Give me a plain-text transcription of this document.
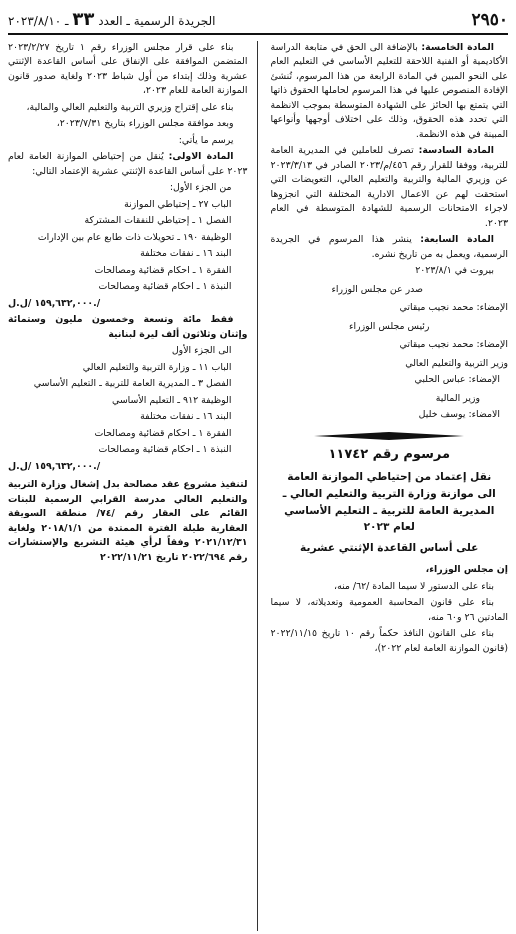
٢٩٥٠
الجريدة الرسمية ـ العدد ٣٣ ـ ٢٠٢٣/٨/١٠

المادة الخامسة: بالإضافة الى الحق في متابعة الدراسة الأكاديمية أو الفنية اللاحقة للتعليم الأساسي في التعليم العام على النحو المبين في المادة الرابعة من هذا المرسوم، تُنشئ الإفادة المنصوص عليها في هذا المرسوم لحاملها الحقوق ذاتها التي يتمتع بها الحائز على الشهادة المتوسطة بموجب الانظمة التي تحدد هذه الحقوق، وذلك على اختلاف أوجهها وأنواعها المبينة في هذه الانظمة.

المادة السادسة: تصرف للعاملين في المديرية العامة للتربية، ووفقا للقرار رقم ٤٥٦/م/٢٠٢٣ الصادر في ٢٠٢٣/٣/١٣ عن وزيري المالية والتربية والتعليم العالي، التعويضات التي استحقت لهم عن الاعمال الادارية المختلفة التي انجزوها لاجراء الامتحانات الرسمية للشهادة المتوسطة في العام ٢٠٢٣.

المادة السابعة: ينشر هذا المرسوم في الجريدة الرسمية، ويعمل به من تاريخ نشره.

بيروت في ٢٠٢٣/٨/١

صدر عن مجلس الوزراء

الإمضاء: محمد نجيب ميقاتي

رئيس مجلس الوزراء

الإمضاء: محمد نجيب ميقاتي

وزير التربية والتعليم العالي

الإمضاء: عباس الحلبي

وزير المالية

الامضاء: يوسف خليل

مرسوم رقم ١١٧٤٢

نقل إعتماد من إحتياطي الموازنة العامة
الى موازنة وزارة التربية والتعليم العالي ـ
المديرية العامة للتربية ـ التعليم الأساسي
لعام ٢٠٢٣
على أساس القاعدة الإثنتي عشرية

إن مجلس الوزراء،

بناء على الدستور لا سيما المادة /٦٢/ منه،

بناء على قانون المحاسبة العمومية وتعديلاته، لا سيما المادتين ٢٦ و٦٠ منه،

بناء على القانون النافذ حكماً رقم ١٠ تاريخ ٢٠٢٢/١١/١٥ (قانون الموازنة العامة لعام ٢٠٢٢)،

بناء على قرار مجلس الوزراء رقم ١ تاريخ ٢٠٢٣/٢/٢٧ المتضمن الموافقة على الإنفاق على أساس القاعدة الإثنتي عشرية وذلك إبتداء من أول شباط ٢٠٢٣ ولغاية صدور قانون الموازنة العامة للعام ٢٠٢٣،

بناء على إقتراح وزيري التربية والتعليم العالي والمالية،

وبعد موافقة مجلس الوزراء بتاريخ ٢٠٢٣/٧/٣١،

يرسم ما يأتي:

المادة الاولى: يُنقل من إحتياطي الموازنة العامة لعام ٢٠٢٣ على أساس القاعدة الإثنتي عشرية الإعتماد التالي:

من الجزء الأول:

الباب ٢٧ ـ إحتياطي الموازنة

الفصل ١ ـ إحتياطي للنفقات المشتركة

الوظيفة ١٩٠ ـ تحويلات ذات طابع عام بين الإدارات

البند ١٦ ـ نفقات مختلفة

الفقرة ١ ـ احكام قضائية ومصالحات

النبذة ١ ـ احكام قضائية ومصالحات

١٥٩,٦٣٢,٠٠٠ /ل.ل./

فقط مائة وتسعة وخمسون مليون وستمائة وإثنان وثلاثون ألف ليرة لبنانية

الى الجزء الأول

الباب ١١ ـ وزارة التربية والتعليم العالي

الفصل ٣ ـ المديرية العامة للتربية ـ التعليم الأساسي

الوظيفة ٩١٢ ـ التعليم الأساسي

البند ١٦ ـ نفقات مختلفة

الفقرة ١ ـ احكام قضائية ومصالحات

النبذة ١ ـ احكام قضائية ومصالحات

١٥٩,٦٣٢,٠٠٠ /ل.ل./

لتنفيذ مشروع عقد مصالحة بدل إشغال وزارة التربية والتعليم العالي مدرسة القرابي الرسمية للبنات القائم على العقار رقم /٧٤/ منطقة السويقة العقارية طيلة الفترة الممتدة من ٢٠١٨/١/١ ولغاية ٢٠٢١/١٢/٣١ وفقاً لرأي هيئة التشريع والإستشارات رقم ٢٠٢٢/٦٩٤ تاريخ ٢٠٢٢/١١/٢١
